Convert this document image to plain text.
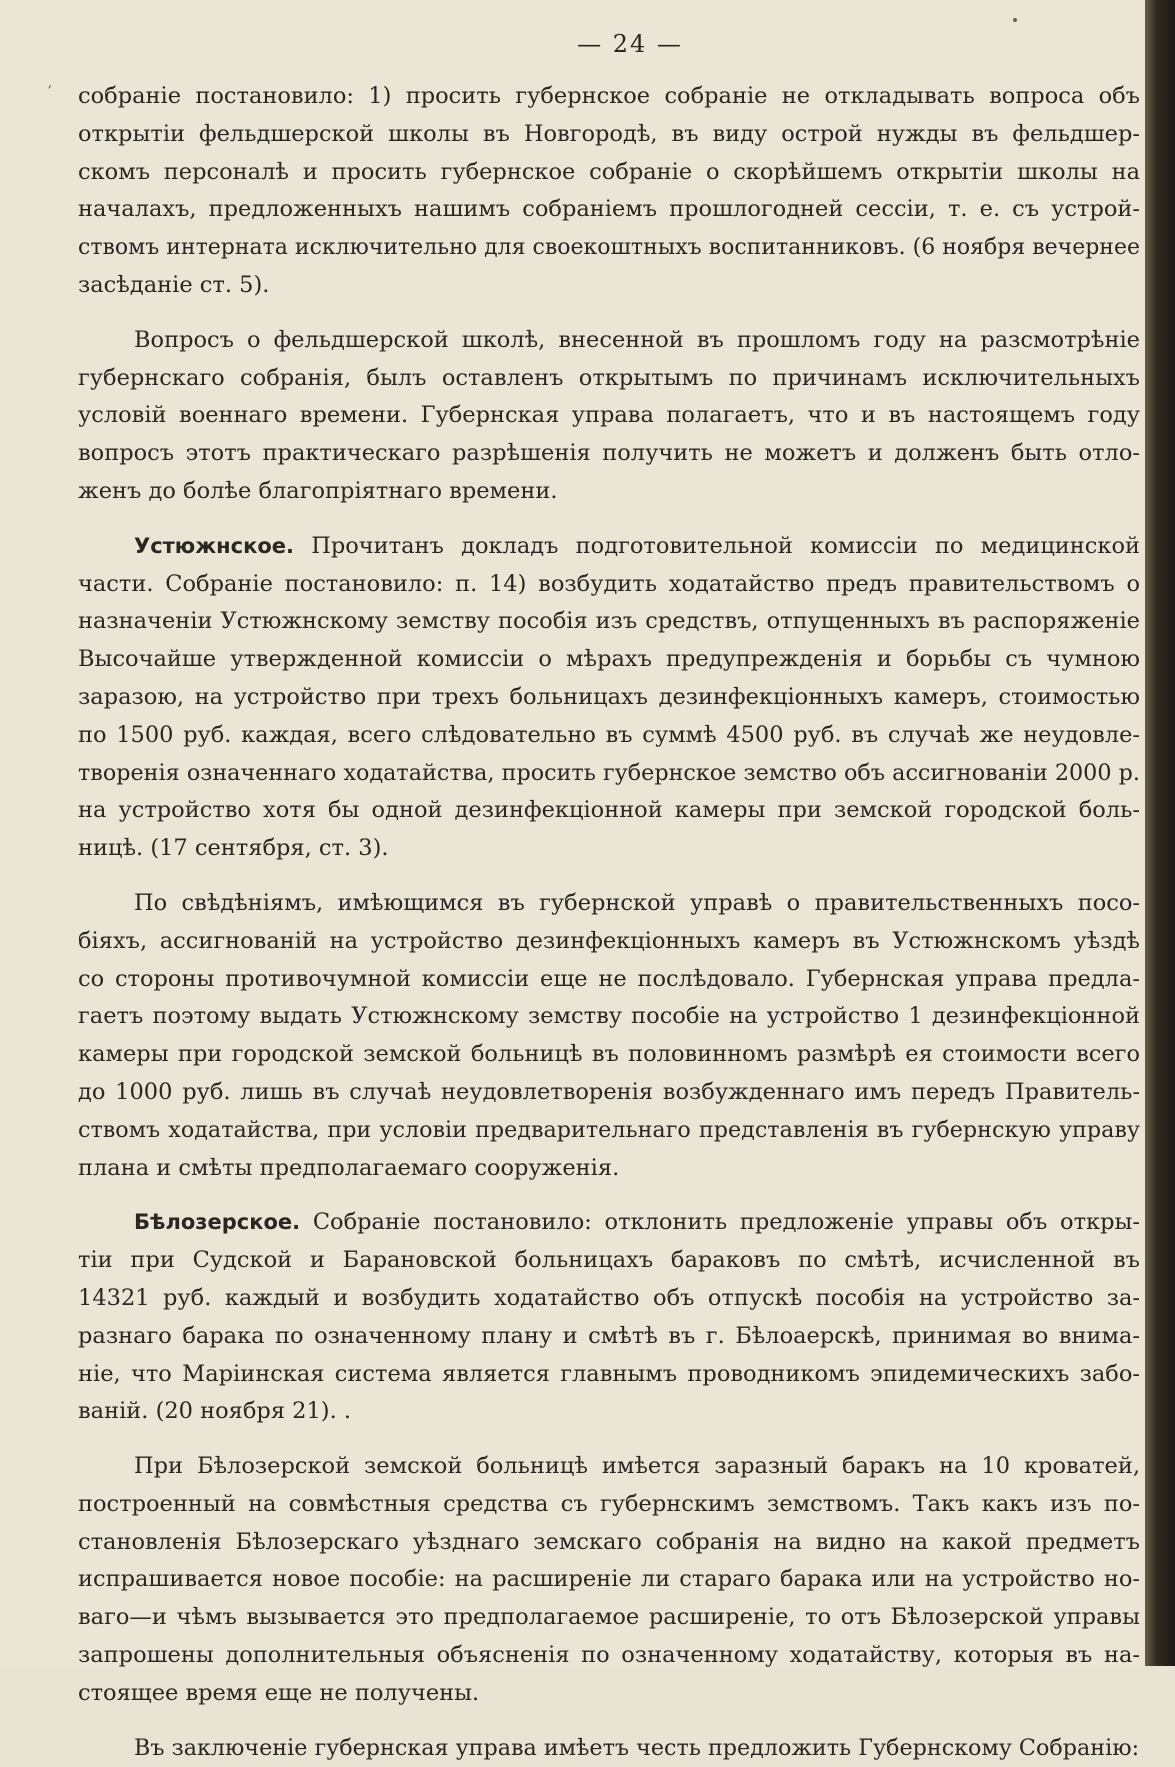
— 24 —
′ собраніе постановило: 1) просить губернское собраніе не откладывать вопроса объ
открытіи фельдшерской школы въ Новгородѣ, въ виду острой нужды въ фельдшер-
скомъ персоналѣ и просить губернское собраніе о скорѣйшемъ открытіи школы на
началахъ, предложенныхъ нашимъ собраніемъ прошлогодней сессіи, т. е. съ устрой-
ствомъ интерната исключительно для своекоштныхъ воспитанниковъ. (6 ноября вечернее
засѣданіе ст. 5).
Вопросъ о фельдшерской школѣ, внесенной въ прошломъ году на разсмотрѣніе
губернскаго собранія, былъ оставленъ открытымъ по причинамъ исключительныхъ
условій военнаго времени. Губернская управа полагаетъ, что и въ настоящемъ году
вопросъ этотъ практическаго разрѣшенія получить не можетъ и долженъ быть отло-
женъ до болѣе благопріятнаго времени.
Устюжнское. Прочитанъ докладъ подготовительной комиссіи по медицинской
части. Собраніе постановило: п. 14) возбудить ходатайство предъ правительствомъ о
назначеніи Устюжнскому земству пособія изъ средствъ, отпущенныхъ въ распоряженіе
Высочайше утвержденной комиссіи о мѣрахъ предупрежденія и борьбы съ чумною
заразою, на устройство при трехъ больницахъ дезинфекціонныхъ камеръ, стоимостью
по 1500 руб. каждая, всего слѣдовательно въ суммѣ 4500 руб. въ случаѣ же неудовле-
творенія означеннаго ходатайства, просить губернское земство объ ассигнованіи 2000 р.
на устройство хотя бы одной дезинфекціонной камеры при земской городской боль-
ницѣ. (17 сентября, ст. 3).
По свѣдѣніямъ, имѣющимся въ губернской управѣ о правительственныхъ посо-
біяхъ, ассигнованій на устройство дезинфекціонныхъ камеръ въ Устюжнскомъ уѣздѣ
со стороны противочумной комиссіи еще не послѣдовало. Губернская управа предла-
гаетъ поэтому выдать Устюжнскому земству пособіе на устройство 1 дезинфекціонной
камеры при городской земской больницѣ въ половинномъ размѣрѣ ея стоимости всего
до 1000 руб. лишь въ случаѣ неудовлетворенія возбужденнаго имъ передъ Правитель-
ствомъ ходатайства, при условіи предварительнаго представленія въ губернскую управу
плана и смѣты предполагаемаго сооруженія.
Бѣлозерское. Собраніе постановило: отклонить предложеніе управы объ откры-
тіи при Судской и Барановской больницахъ бараковъ по смѣтѣ, исчисленной въ
14321 руб. каждый и возбудить ходатайство объ отпускѣ пособія на устройство за-
разнаго барака по означенному плану и смѣтѣ въ г. Бѣлоаерскѣ, принимая во внима-
ніе, что Маріинская система является главнымъ проводникомъ эпидемическихъ забо-
ваній. (20 ноября 21). .
При Бѣлозерской земской больницѣ имѣется заразный баракъ на 10 кроватей,
построенный на совмѣстныя средства съ губернскимъ земствомъ. Такъ какъ изъ по-
становленія Бѣлозерскаго уѣзднаго земскаго собранія на видно на какой предметъ
испрашивается новое пособіе: на расширеніе ли стараго барака или на устройство но-
ваго—и чѣмъ вызывается это предполагаемое расширеніе, то отъ Бѣлозерской управы
запрошены дополнительныя объясненія по означенному ходатайству, которыя въ на-
стоящее время еще не получены.
Въ заключеніе губернская управа имѣетъ честь предложить Губернскому Собранію:
